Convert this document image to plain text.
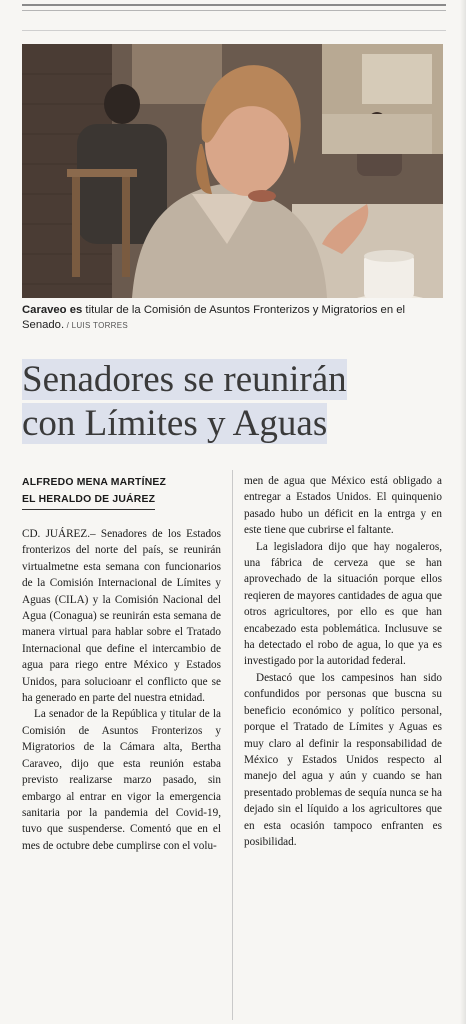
Caraveo es titular de la Comisión de Asuntos Fronterizos y Migratorios en el Senado. / LUIS TORRES
Senadores se reunirán
con Límites y Aguas
ALFREDO MENA MARTÍNEZ
EL HERALDO DE JUÁREZ

CD. JUÁREZ.– Senadores de los Estados fronterizos del norte del país, se reunirán virtualmetne esta semana con funcionarios de la Comisión Internacional de Límites y Aguas (CILA) y la Comisión Nacional del Agua (Conagua) se reunirán esta semana de manera virtual para hablar sobre el Tratado Internacional que define el intercambio de agua para riego entre México y Estados Unidos, para solucioanr el conflicto que se ha generado en parte del nuestra etnidad.

La senador de la República y titular de la Comisión de Asuntos Fronterizos y Migratorios de la Cámara alta, Bertha Caraveo, dijo que esta reunión estaba previsto realizarse marzo pasado, sin embargo al entrar en vigor la emergencia sanitaria por la pandemia del Covid-19, tuvo que suspenderse. Comentó que en el mes de octubre debe cumplirse con el volu-

men de agua que México está obligado a entregar a Estados Unidos. El quinquenio pasado hubo un déficit en la entrga y en este tiene que cubrirse el faltante.

La legisladora dijo que hay nogaleros, una fábrica de cerveza que se han aprovechado de la situación porque ellos reqieren de mayores cantidades de agua que otros agricultores, por ello es que han encabezado esta poblemática. Inclusuve se ha detectado el robo de agua, lo que ya es investigado por la autoridad federal.

Destacó que los campesinos han sido confundidos por personas que buscna su beneficio económico y político personal, porque el Tratado de Límites y Aguas es muy claro al definir la responsabilidad de México y Estados Unidos respecto al manejo del agua y aún y cuando se han presentado problemas de sequía nunca se ha dejado sin el líquido a los agricultores que en esta ocasión tampoco enfranten es posibilidad.
